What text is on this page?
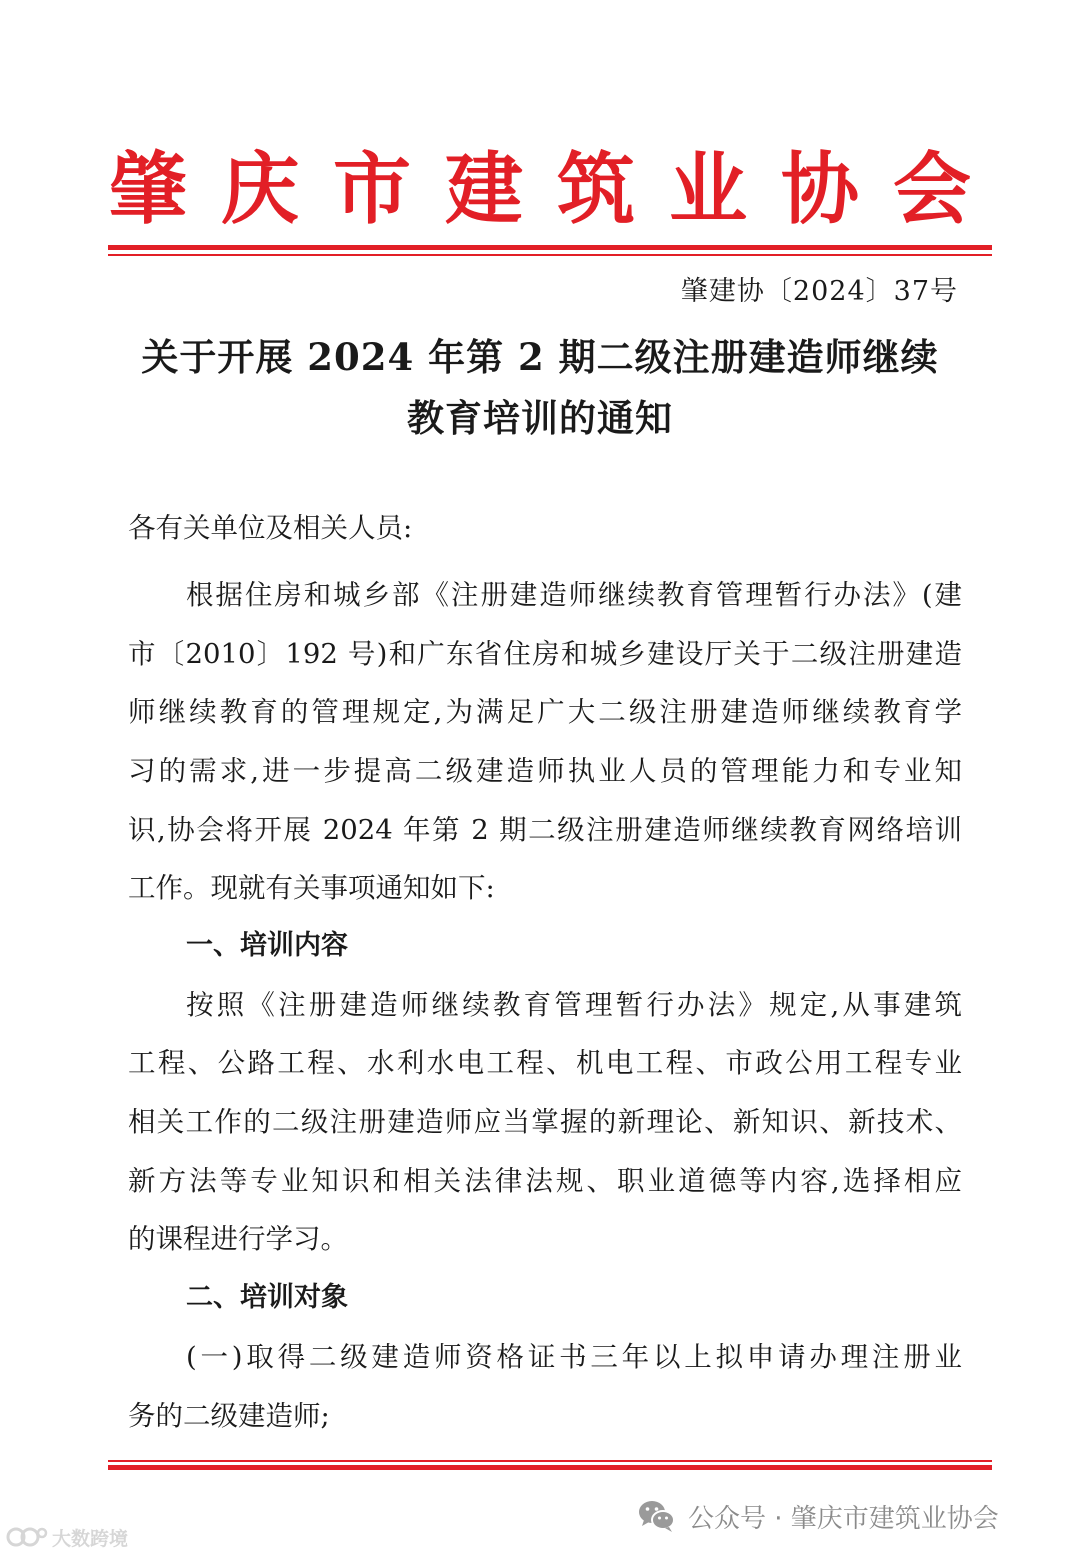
肇庆市建筑业协会
肇建协〔2024〕37号
关于开展 2024 年第 2 期二级注册建造师继续
教育培训的通知

各有关单位及相关人员:

根据住房和城乡部《注册建造师继续教育管理暂行办法》(建

市〔2010〕192 号)和广东省住房和城乡建设厅关于二级注册建造

师继续教育的管理规定,为满足广大二级注册建造师继续教育学

习的需求,进一步提高二级建造师执业人员的管理能力和专业知

识,协会将开展 2024 年第 2 期二级注册建造师继续教育网络培训

工作。现就有关事项通知如下:

一、培训内容

按照《注册建造师继续教育管理暂行办法》规定,从事建筑

工程、公路工程、水利水电工程、机电工程、市政公用工程专业

相关工作的二级注册建造师应当掌握的新理论、新知识、新技术、

新方法等专业知识和相关法律法规、职业道德等内容,选择相应

的课程进行学习。

二、培训对象

(一)取得二级建造师资格证书三年以上拟申请办理注册业

务的二级建造师;

公众号 · 肇庆市建筑业协会
大数跨境
